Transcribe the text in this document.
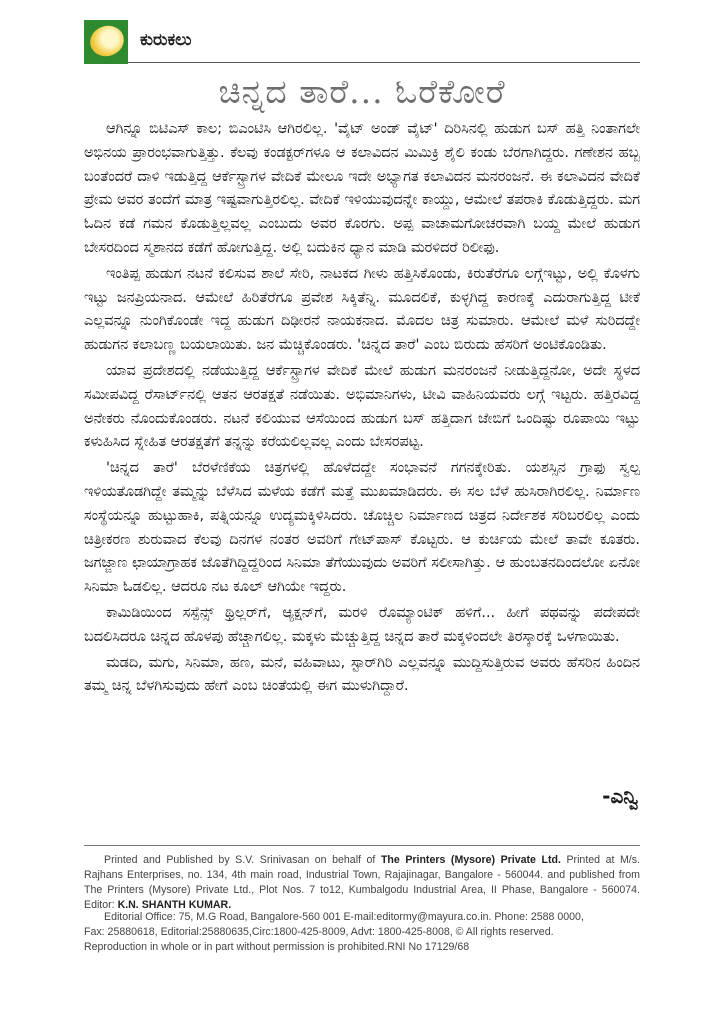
ಕುರುಕಲು
ಚಿನ್ನದ ತಾರೆ... ಓರೆಕೋರೆ

ಆಗಿನ್ನೂ ಬಿಟಿಎಸ್ ಕಾಲ; ಬಿಎಂಟಿಸಿ ಆಗಿರಲಿಲ್ಲ. 'ವೈಟ್ ಅಂಡ್ ವೈಟ್' ದಿರಿಸಿನಲ್ಲಿ ಹುಡುಗ ಬಸ್ ಹತ್ತಿ ನಿಂತಾಗಲೇ ಅಭಿನಯ ಪ್ರಾರಂಭವಾಗುತ್ತಿತ್ತು. ಕೆಲವು ಕಂಡಕ್ಟರ್‌ಗಳೂ ಆ ಕಲಾವಿದನ ಮಿಮಿಕ್ರಿ ಶೈಲಿ ಕಂಡು ಬೆರಗಾಗಿದ್ದರು. ಗಣೇಶನ ಹಬ್ಬ ಬಂತೆಂದರೆ ದಾಳಿ ಇಡುತ್ತಿದ್ದ ಆರ್ಕೆಸ್ಟ್ರಾಗಳ ವೇದಿಕೆ ಮೇಲೂ ಇದೇ ಅಭ್ಯಾಗತ ಕಲಾವಿದನ ಮನರಂಜನೆ. ಈ ಕಲಾವಿದನ ವೇದಿಕೆ ಪ್ರೇಮ ಅವರ ತಂದೆಗೆ ಮಾತ್ರ ಇಷ್ಟವಾಗುತ್ತಿರಲಿಲ್ಲ. ವೇದಿಕೆ ಇಳಿಯುವುದನ್ನೇ ಕಾಯ್ದು, ಆಮೇಲೆ ತಪರಾಕಿ ಕೊಡುತ್ತಿದ್ದರು. ಮಗ ಓದಿನ ಕಡೆ ಗಮನ ಕೊಡುತ್ತಿಲ್ಲವಲ್ಲ ಎಂಬುದು ಅವರ ಕೊರಗು. ಅಪ್ಪ ವಾಚಾಮಗೋಚರವಾಗಿ ಬಯ್ದ ಮೇಲೆ ಹುಡುಗ ಬೇಸರದಿಂದ ಸ್ಮಶಾನದ ಕಡೆಗೆ ಹೋಗುತ್ತಿದ್ದ. ಅಲ್ಲಿ ಬದುಕಿನ ಧ್ಯಾನ ಮಾಡಿ ಮರಳಿದರೆ ರಿಲೀಫು.

ಇಂತಿಪ್ಪ ಹುಡುಗ ನಟನೆ ಕಲಿಸುವ ಶಾಲೆ ಸೇರಿ, ನಾಟಕದ ಗೀಳು ಹತ್ತಿಸಿಕೊಂಡು, ಕಿರುತೆರೆಗೂ ಲಗ್ಗೆಇಟ್ಟು, ಅಲ್ಲಿ ಕೊಳಗು ಇಟ್ಟು ಜನಪ್ರಿಯನಾದ. ಆಮೇಲೆ ಹಿರಿತೆರೆಗೂ ಪ್ರವೇಶ ಸಿಕ್ಕಿತೆನ್ನಿ. ಮೂದಲಿಕೆ, ಕುಳ್ಳಗಿದ್ದ ಕಾರಣಕ್ಕೆ ಎದುರಾಗುತ್ತಿದ್ದ ಟೀಕೆ ಎಲ್ಲವನ್ನೂ ನುಂಗಿಕೊಂಡೇ ಇದ್ದ ಹುಡುಗ ದಿಢೀರನೆ ನಾಯಕನಾದ. ಮೊದಲ ಚಿತ್ರ ಸುಮಾರು. ಆಮೇಲೆ ಮಳೆ ಸುರಿದದ್ದೇ ಹುಡುಗನ ಕಲಾಬಣ್ಣ ಬಯಲಾಯಿತು. ಜನ ಮೆಚ್ಚಿಕೊಂಡರು. 'ಚಿನ್ನದ ತಾರೆ' ಎಂಬ ಬಿರುದು ಹೆಸರಿಗೆ ಅಂಟಿಕೊಂಡಿತು.

ಯಾವ ಪ್ರದೇಶದಲ್ಲಿ ನಡೆಯುತ್ತಿದ್ದ ಆರ್ಕೆಸ್ಟ್ರಾಗಳ ವೇದಿಕೆ ಮೇಲೆ ಹುಡುಗ ಮನರಂಜನೆ ನೀಡುತ್ತಿದ್ದನೋ, ಅದೇ ಸ್ಥಳದ ಸಮೀಪವಿದ್ದ ರೆಸಾರ್ಟ್‌ನಲ್ಲಿ ಆತನ ಆರತಕ್ಷತೆ ನಡೆಯಿತು. ಅಭಿಮಾನಿಗಳು, ಟೀವಿ ವಾಹಿನಿಯವರು ಲಗ್ಗೆ ಇಟ್ಟರು. ಹತ್ತಿರವಿದ್ದ ಅನೇಕರು ನೊಂದುಕೊಂಡರು. ನಟನೆ ಕಲಿಯುವ ಆಸೆಯಿಂದ ಹುಡುಗ ಬಸ್ ಹತ್ತಿದಾಗ ಜೇಬಿಗೆ ಒಂದಿಷ್ಟು ರೂಪಾಯಿ ಇಟ್ಟು ಕಳುಹಿಸಿದ ಸ್ನೇಹಿತ ಆರತಕ್ಷತೆಗೆ ತನ್ನನ್ನು ಕರೆಯಲಿಲ್ಲವಲ್ಲ ಎಂದು ಬೇಸರಪಟ್ಟ.

'ಚಿನ್ನದ ತಾರೆ' ಬೆರಳೆಣಿಕೆಯ ಚಿತ್ರಗಳಲ್ಲಿ ಹೊಳೆದದ್ದೇ ಸಂಭಾವನೆ ಗಗನಕ್ಕೇರಿತು. ಯಶಸ್ಸಿನ ಗ್ರಾಫು ಸ್ವಲ್ಪ ಇಳಿಯತೊಡಗಿದ್ದೇ ತಮ್ಮನ್ನು ಬೆಳೆಸಿದ ಮಳೆಯ ಕಡೆಗೆ ಮತ್ತೆ ಮುಖಮಾಡಿದರು. ಈ ಸಲ ಬೆಳೆ ಹುಸಿರಾಗಿರಲಿಲ್ಲ. ನಿರ್ಮಾಣ ಸಂಸ್ಥೆಯನ್ನೂ ಹುಟ್ಟುಹಾಕಿ, ಪತ್ನಿಯನ್ನೂ ಉದ್ಯಮಕ್ಕಿಳಿಸಿದರು. ಚೊಚ್ಚಿಲ ನಿರ್ಮಾಣದ ಚಿತ್ರದ ನಿರ್ದೇಶಕ ಸರಿಬರಲಿಲ್ಲ ಎಂದು ಚಿತ್ರೀಕರಣ ಶುರುವಾದ ಕೆಲವು ದಿನಗಳ ನಂತರ ಅವರಿಗೆ ಗೇಟ್‌ಪಾಸ್ ಕೊಟ್ಟರು. ಆ ಕುರ್ಚಿಯ ಮೇಲೆ ತಾವೇ ಕೂತರು. ಜಗಜ್ಜಾಣ ಛಾಯಾಗ್ರಾಹಕ ಜೊತೆಗಿದ್ದಿದ್ದರಿಂದ ಸಿನಿಮಾ ತೆಗೆಯುವುದು ಅವರಿಗೆ ಸಲೀಸಾಗಿತ್ತು. ಆ ಹುಂಬತನದಿಂದಲೋ ಏನೋ ಸಿನಿಮಾ ಓಡಲಿಲ್ಲ. ಆದರೂ ನಟ ಕೂಲ್ ಆಗಿಯೇ ಇದ್ದರು.

ಕಾಮಿಡಿಯಿಂದ ಸಸ್ಪೆನ್ಸ್ ಥ್ರಿಲ್ಲರ್‌ಗೆ, ಆ್ಯಕ್ಷನ್‌ಗೆ, ಮರಳಿ ರೊಮ್ಯಾಂಟಿಕ್ ಹಳಿಗೆ... ಹೀಗೆ ಪಥವನ್ನು ಪದೇಪದೇ ಬದಲಿಸಿದರೂ ಚಿನ್ನದ ಹೊಳಪು ಹೆಚ್ಚಾಗಲಿಲ್ಲ. ಮಕ್ಕಳು ಮೆಚ್ಚುತ್ತಿದ್ದ ಚಿನ್ನದ ತಾರೆ ಮಕ್ಕಳಿಂದಲೇ ತಿರಸ್ಕಾರಕ್ಕೆ ಒಳಗಾಯಿತು.

ಮಡದಿ, ಮಗು, ಸಿನಿಮಾ, ಹಣ, ಮನೆ, ವಹಿವಾಟು, ಸ್ಟಾರ್‌ಗಿರಿ ಎಲ್ಲವನ್ನೂ ಮುದ್ದಿಸುತ್ತಿರುವ ಅವರು ಹೆಸರಿನ ಹಿಂದಿನ ತಮ್ಮ ಚಿನ್ನ ಬೆಳಗಿಸುವುದು ಹೇಗೆ ಎಂಬ ಚಿಂತೆಯಲ್ಲಿ ಈಗ ಮುಳುಗಿದ್ದಾರೆ.

-ಎನ್ವಿ
Printed and Published by S.V. Srinivasan on behalf of The Printers (Mysore) Private Ltd. Printed at M/s. Rajhans Enterprises, no. 134, 4th main road, Industrial Town, Rajajinagar, Bangalore - 560044. and published from The Printers (Mysore) Private Ltd., Plot Nos. 7 to12, Kumbalgodu Industrial Area, II Phase, Bangalore - 560074. Editor: K.N. SHANTH KUMAR.
Editorial Office: 75, M.G Road, Bangalore-560 001 E-mail:editormy@mayura.co.in. Phone: 2588 0000,
Fax: 25880618, Editorial:25880635,Circ:1800-425-8009, Advt: 1800-425-8008, © All rights reserved.
Reproduction in whole or in part without permission is prohibited.RNI No 17129/68
